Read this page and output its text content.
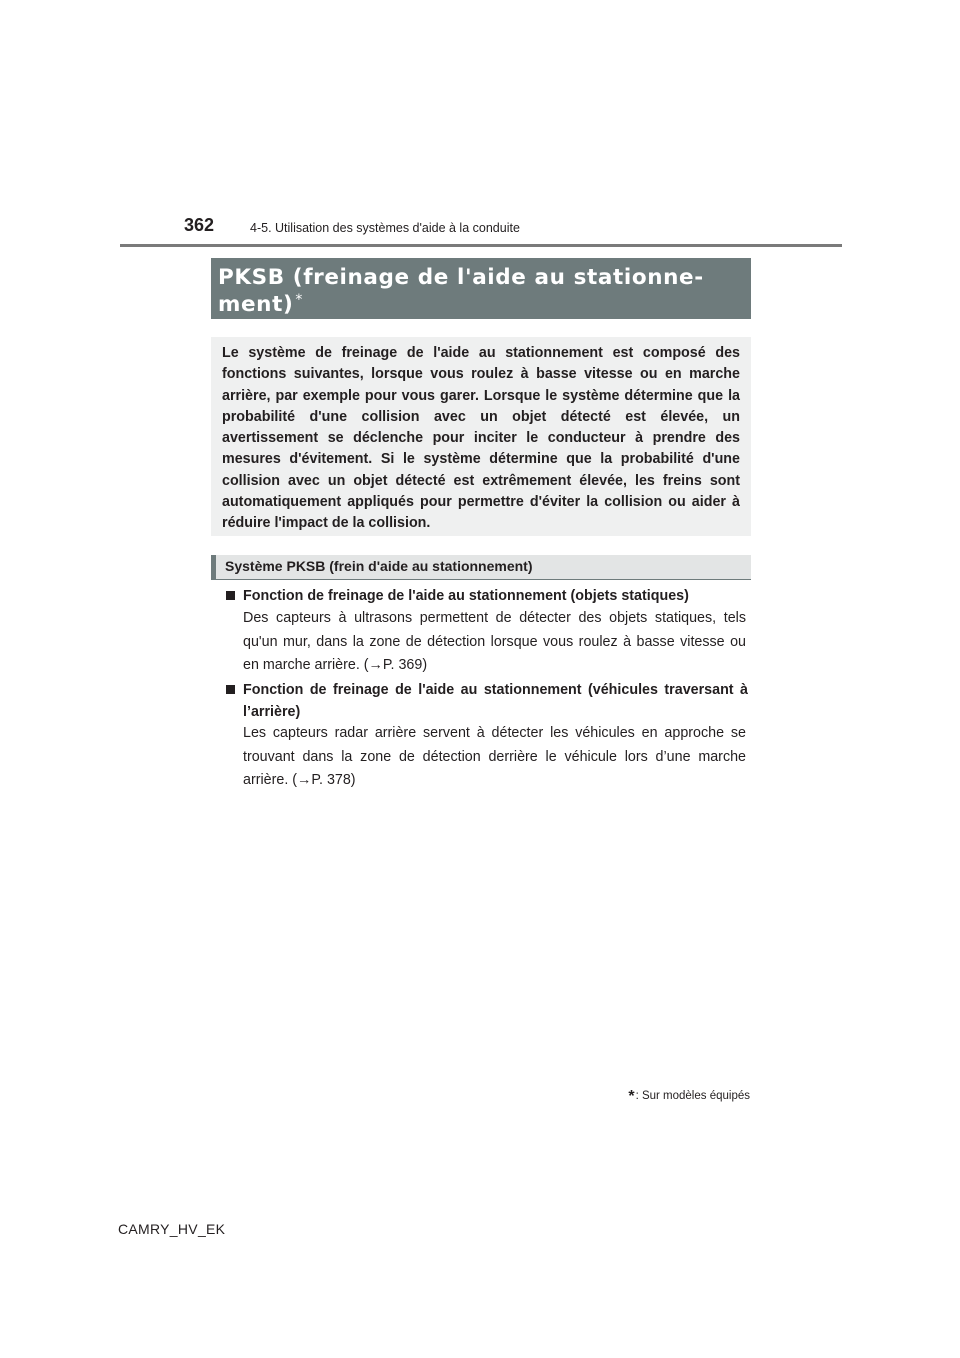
362	4-5. Utilisation des systèmes d'aide à la conduite
PKSB (freinage de l'aide au stationne-
ment) *

Le système de freinage de l'aide au stationnement est composé des fonctions suivantes, lorsque vous roulez à basse vitesse ou en marche arrière, par exemple pour vous garer. Lorsque le système détermine que la probabilité d'une collision avec un objet détecté est élevée, un avertissement se déclenche pour inciter le conducteur à prendre des mesures d'évitement. Si le système détermine que la probabilité d'une collision avec un objet détecté est extrêmement élevée, les freins sont automatiquement appliqués pour permettre d'éviter la collision ou aider à réduire l'impact de la collision.

Système PKSB (frein d'aide au stationnement)
Fonction de freinage de l'aide au stationnement (objets statiques)
Des capteurs à ultrasons permettent de détecter des objets statiques, tels qu'un mur, dans la zone de détection lorsque vous roulez à basse vitesse ou en marche arrière. (→P. 369)
Fonction de freinage de l'aide au stationnement (véhicules traversant à l’arrière)
Les capteurs radar arrière servent à détecter les véhicules en approche se trouvant dans la zone de détection derrière le véhicule lors d’une marche arrière. (→P. 378)
*: Sur modèles équipés
CAMRY_HV_EK
